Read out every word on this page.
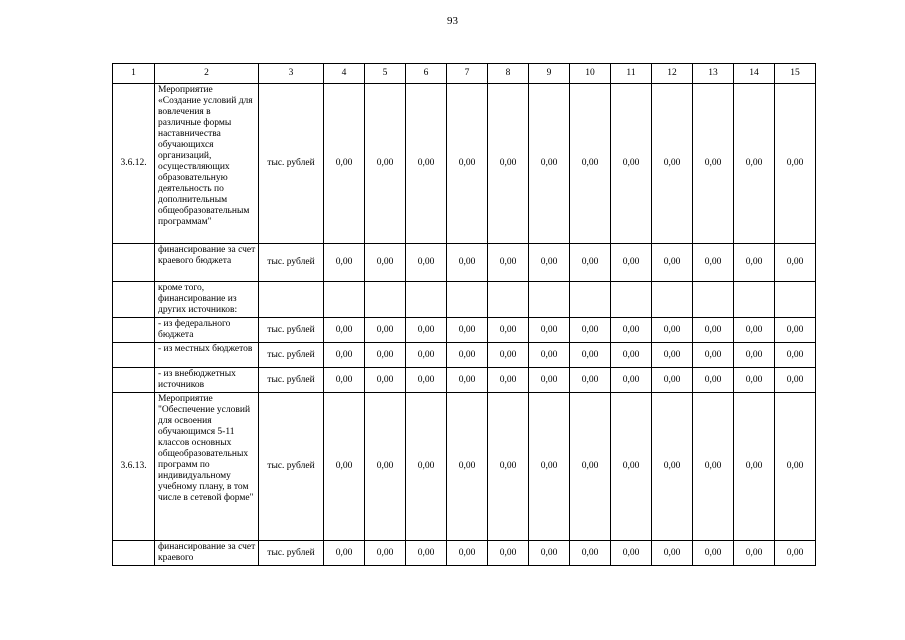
93
1	2	3	4	5	6	7	8	9	10	11	12	13	14	15
3.6.12.	Мероприятие «Создание условий для вовлечения в различные формы наставничества обучающихся организаций, осуществляющих образовательную деятельность по дополнительным общеобразовательным программам"	тыс. рублей	0,00	0,00	0,00	0,00	0,00	0,00	0,00	0,00	0,00	0,00	0,00	0,00
	финансирование за счет краевого бюджета	тыс. рублей	0,00	0,00	0,00	0,00	0,00	0,00	0,00	0,00	0,00	0,00	0,00	0,00
	кроме того, финансирование из других источников:													
	- из федерального бюджета	тыс. рублей	0,00	0,00	0,00	0,00	0,00	0,00	0,00	0,00	0,00	0,00	0,00	0,00
	- из местных бюджетов	тыс. рублей	0,00	0,00	0,00	0,00	0,00	0,00	0,00	0,00	0,00	0,00	0,00	0,00
	- из внебюджетных источников	тыс. рублей	0,00	0,00	0,00	0,00	0,00	0,00	0,00	0,00	0,00	0,00	0,00	0,00
3.6.13.	Мероприятие "Обеспечение условий для освоения обучающимся 5-11 классов основных общеобразовательных программ по индивидуальному учебному плану, в том числе в сетевой форме"	тыс. рублей	0,00	0,00	0,00	0,00	0,00	0,00	0,00	0,00	0,00	0,00	0,00	0,00
	финансирование за счет краевого	тыс. рублей	0,00	0,00	0,00	0,00	0,00	0,00	0,00	0,00	0,00	0,00	0,00	0,00
